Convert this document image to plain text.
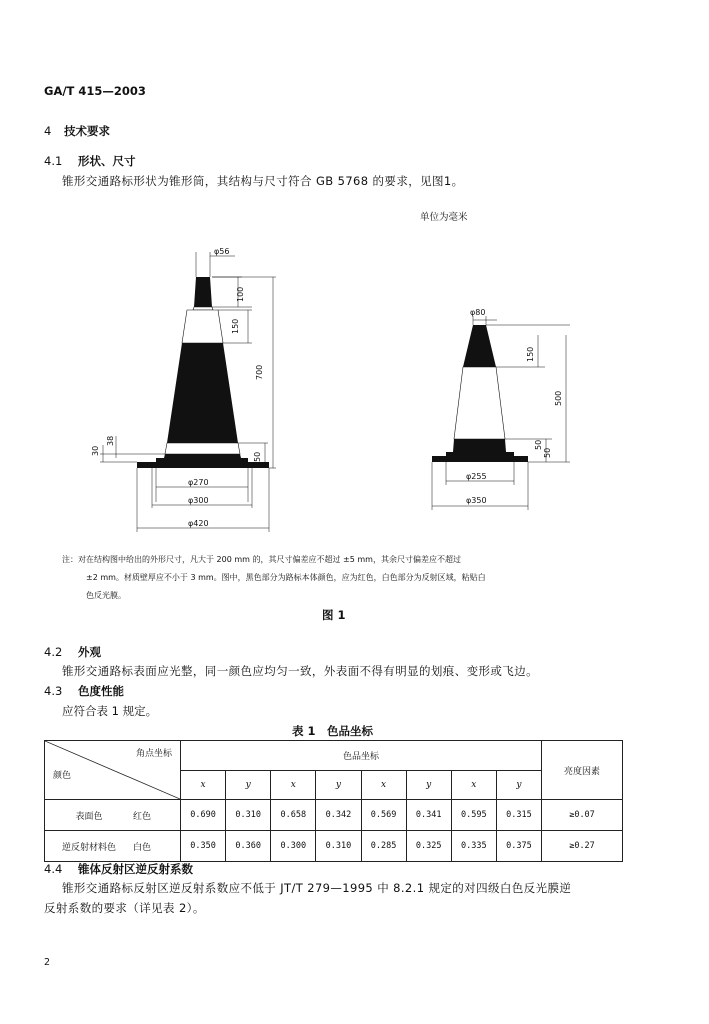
GA/T 415—2003
4 技术要求
4.1 形状、尺寸
锥形交通路标形状为锥形筒，其结构与尺寸符合 GB 5768 的要求，见图1。
单位为毫米
φ56
100
150
700
50
30
38
φ270
φ300
φ420
φ80
150
500
50
50
φ255
φ350
注：对在结构图中给出的外形尺寸，凡大于 200 mm 的，其尺寸偏差应不超过 ±5 mm，其余尺寸偏差应不超过
±2 mm。材质壁厚应不小于 3 mm。图中，黑色部分为路标本体颜色，应为红色，白色部分为反射区域，粘贴白
色反光膜。
图 1
4.2 外观
锥形交通路标表面应光整，同一颜色应均匀一致，外表面不得有明显的划痕、变形或飞边。
4.3 色度性能
应符合表 1 规定。
表 1　色品坐标
角点坐标
颜色	色品坐标								亮度因素
	x	y	x	y	x	y	x	y	
表面色 红色	0.690	0.310	0.658	0.342	0.569	0.341	0.595	0.315	≥0.07
逆反射材料色 白色	0.350	0.360	0.300	0.310	0.285	0.325	0.335	0.375	≥0.27
4.4 锥体反射区逆反射系数
锥形交通路标反射区逆反射系数应不低于 JT/T 279—1995 中 8.2.1 规定的对四级白色反光膜逆
反射系数的要求（详见表 2）。
2
